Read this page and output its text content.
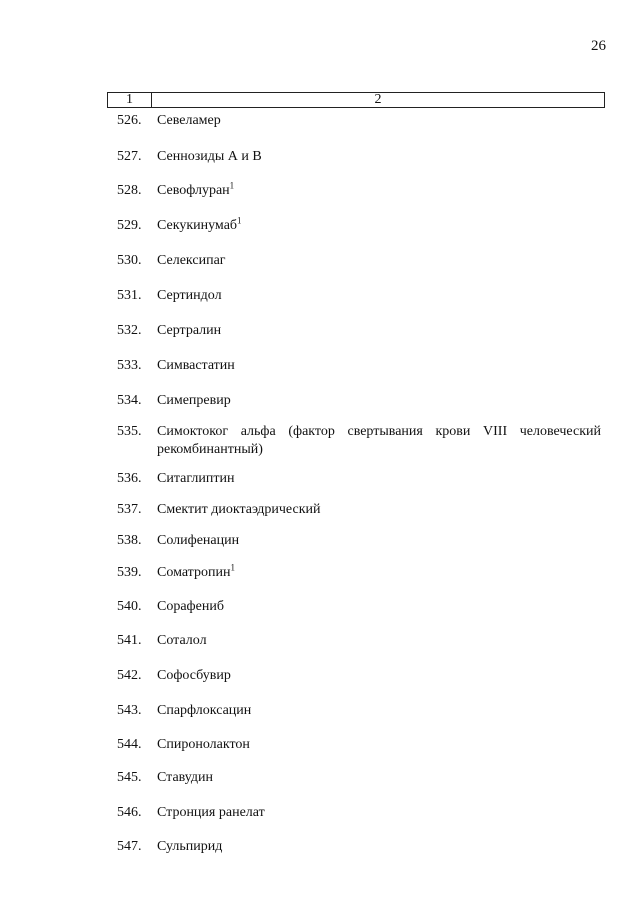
26
1	2
526. Севеламер
527. Сеннозиды А и В
528. Севофлуран$^1$
529. Секукинумаб$^1$
530. Селексипаг
531. Сертиндол
532. Сертралин
533. Симвастатин
534. Симепревир
535. Симоктоког альфа (фактор свертывания крови VIII человеческий рекомбинантный)
536. Ситаглиптин
537. Смектит диоктаэдрический
538. Солифенацин
539. Соматропин$^1$
540. Сорафениб
541. Соталол
542. Софосбувир
543. Спарфлоксацин
544. Спиронолактон
545. Ставудин
546. Стронция ранелат
547. Сульпирид
